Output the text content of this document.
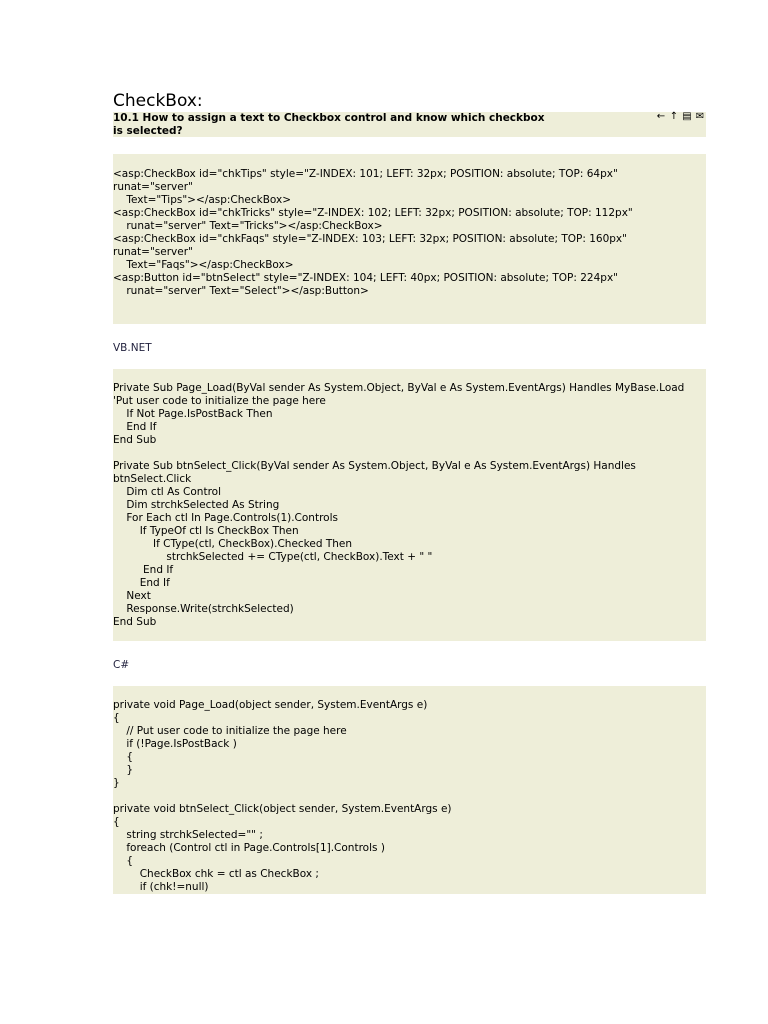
CheckBox:
10.1 How to assign a text to Checkbox control and know which checkbox is selected?
← ↑ ▤ ✉
<asp:CheckBox id="chkTips" style="Z-INDEX: 101; LEFT: 32px; POSITION: absolute; TOP: 64px"
runat="server"
Text="Tips"></asp:CheckBox>
<asp:CheckBox id="chkTricks" style="Z-INDEX: 102; LEFT: 32px; POSITION: absolute; TOP: 112px"
runat="server" Text="Tricks"></asp:CheckBox>
<asp:CheckBox id="chkFaqs" style="Z-INDEX: 103; LEFT: 32px; POSITION: absolute; TOP: 160px"
runat="server"
Text="Faqs"></asp:CheckBox>
<asp:Button id="btnSelect" style="Z-INDEX: 104; LEFT: 40px; POSITION: absolute; TOP: 224px"
runat="server" Text="Select"></asp:Button>
VB.NET
Private Sub Page_Load(ByVal sender As System.Object, ByVal e As System.EventArgs) Handles MyBase.Load
'Put user code to initialize the page here
If Not Page.IsPostBack Then
End If
End Sub
Private Sub btnSelect_Click(ByVal sender As System.Object, ByVal e As System.EventArgs) Handles
btnSelect.Click
Dim ctl As Control
Dim strchkSelected As String
For Each ctl In Page.Controls(1).Controls
If TypeOf ctl Is CheckBox Then
If CType(ctl, CheckBox).Checked Then
strchkSelected += CType(ctl, CheckBox).Text + " "
End If
End If
Next
Response.Write(strchkSelected)
End Sub
C#
private void Page_Load(object sender, System.EventArgs e)
{
// Put user code to initialize the page here
if (!Page.IsPostBack )
{
}
}
private void btnSelect_Click(object sender, System.EventArgs e)
{
string strchkSelected="" ;
foreach (Control ctl in Page.Controls[1].Controls )
{
CheckBox chk = ctl as CheckBox ;
if (chk!=null)
